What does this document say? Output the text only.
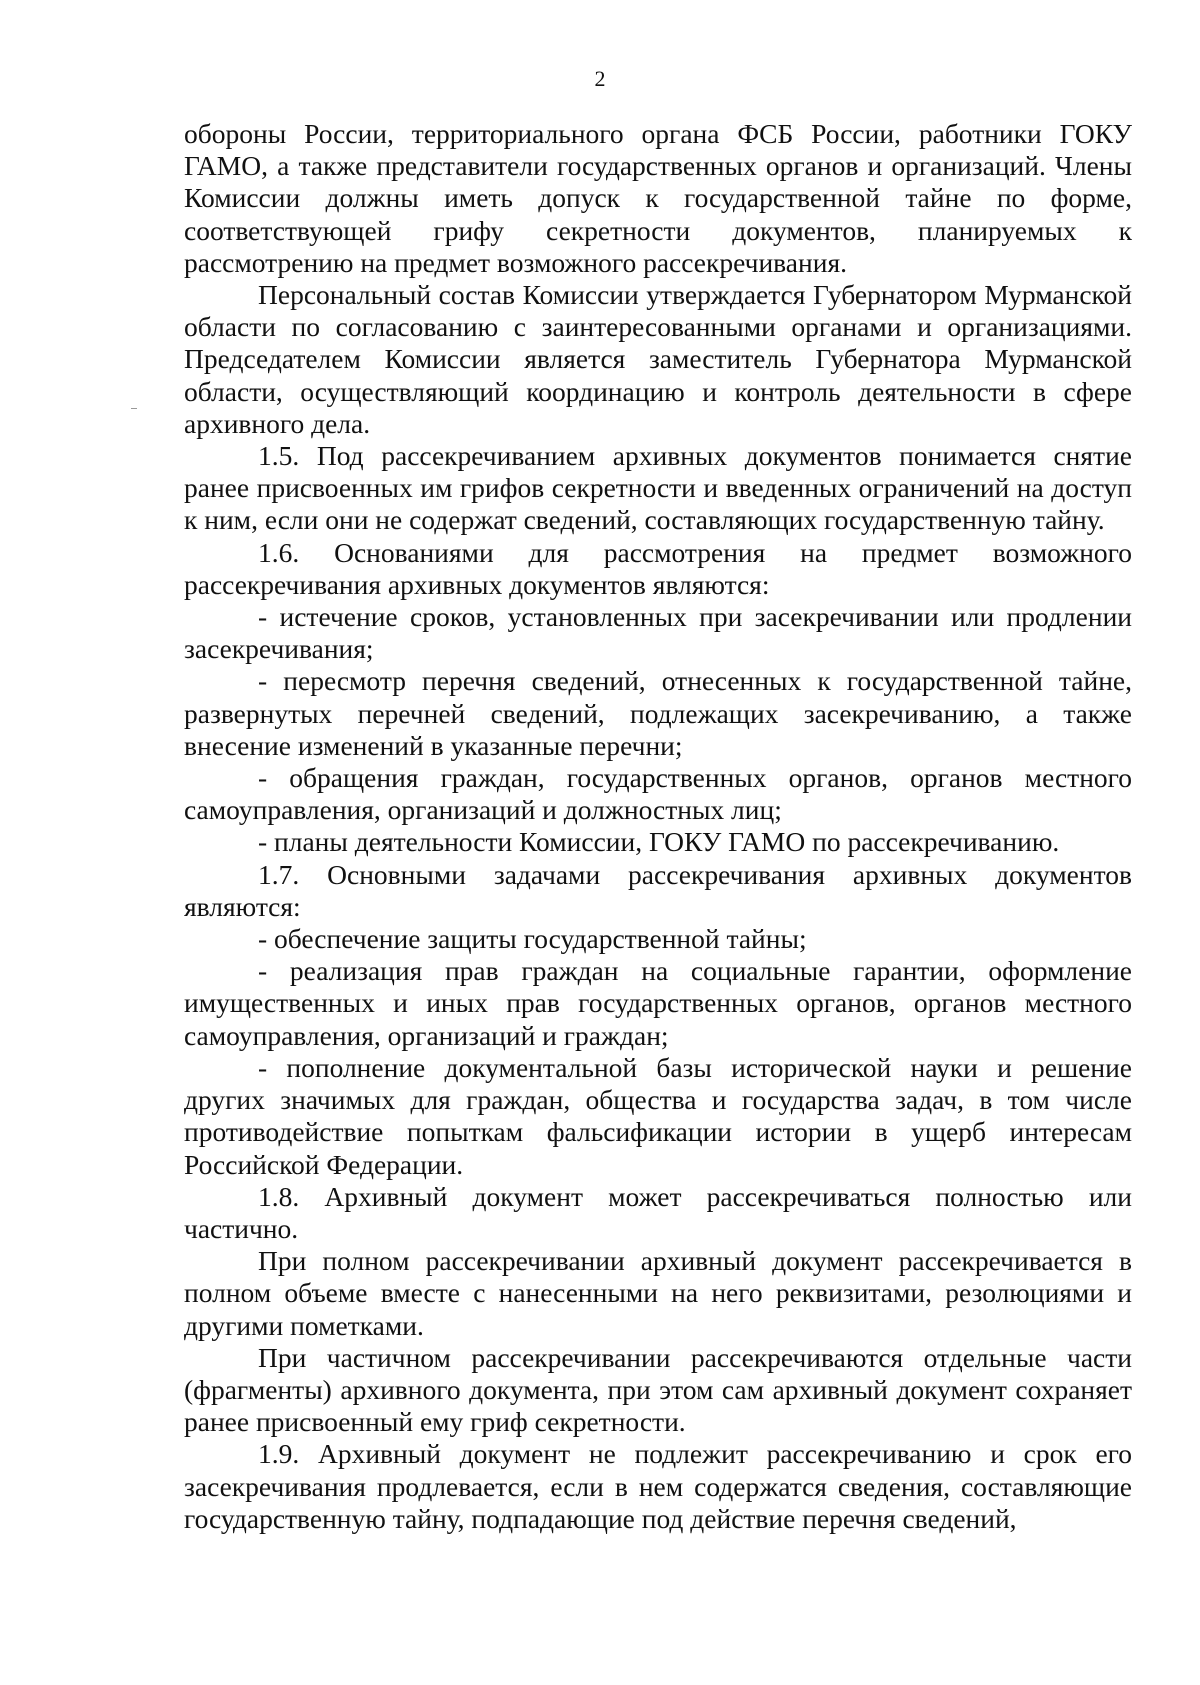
2

обороны России, территориального органа ФСБ России, работники ГОКУ ГАМО, а также представители государственных органов и организаций. Члены Комиссии должны иметь допуск к государственной тайне по форме, соответствующей грифу секретности документов, планируемых к рассмотрению на предмет возможного рассекречивания.

Персональный состав Комиссии утверждается Губернатором Мурманской области по согласованию с заинтересованными органами и организациями. Председателем Комиссии является заместитель Губернатора Мурманской области, осуществляющий координацию и контроль деятельности в сфере архивного дела.

1.5. Под рассекречиванием архивных документов понимается снятие ранее присвоенных им грифов секретности и введенных ограничений на доступ к ним, если они не содержат сведений, составляющих государственную тайну.

1.6. Основаниями для рассмотрения на предмет возможного рассекречивания архивных документов являются:

- истечение сроков, установленных при засекречивании или продлении засекречивания;

- пересмотр перечня сведений, отнесенных к государственной тайне, развернутых перечней сведений, подлежащих засекречиванию, а также внесение изменений в указанные перечни;

- обращения граждан, государственных органов, органов местного самоуправления, организаций и должностных лиц;

- планы деятельности Комиссии, ГОКУ ГАМО по рассекречиванию.

1.7. Основными задачами рассекречивания архивных документов являются:

- обеспечение защиты государственной тайны;

- реализация прав граждан на социальные гарантии, оформление имущественных и иных прав государственных органов, органов местного самоуправления, организаций и граждан;

- пополнение документальной базы исторической науки и решение других значимых для граждан, общества и государства задач, в том числе противодействие попыткам фальсификации истории в ущерб интересам Российской Федерации.

1.8. Архивный документ может рассекречиваться полностью или частично.

При полном рассекречивании архивный документ рассекречивается в полном объеме вместе с нанесенными на него реквизитами, резолюциями и другими пометками.

При частичном рассекречивании рассекречиваются отдельные части (фрагменты) архивного документа, при этом сам архивный документ сохраняет ранее присвоенный ему гриф секретности.

1.9. Архивный документ не подлежит рассекречиванию и срок его засекречивания продлевается, если в нем содержатся сведения, составляющие государственную тайну, подпадающие под действие перечня сведений,
